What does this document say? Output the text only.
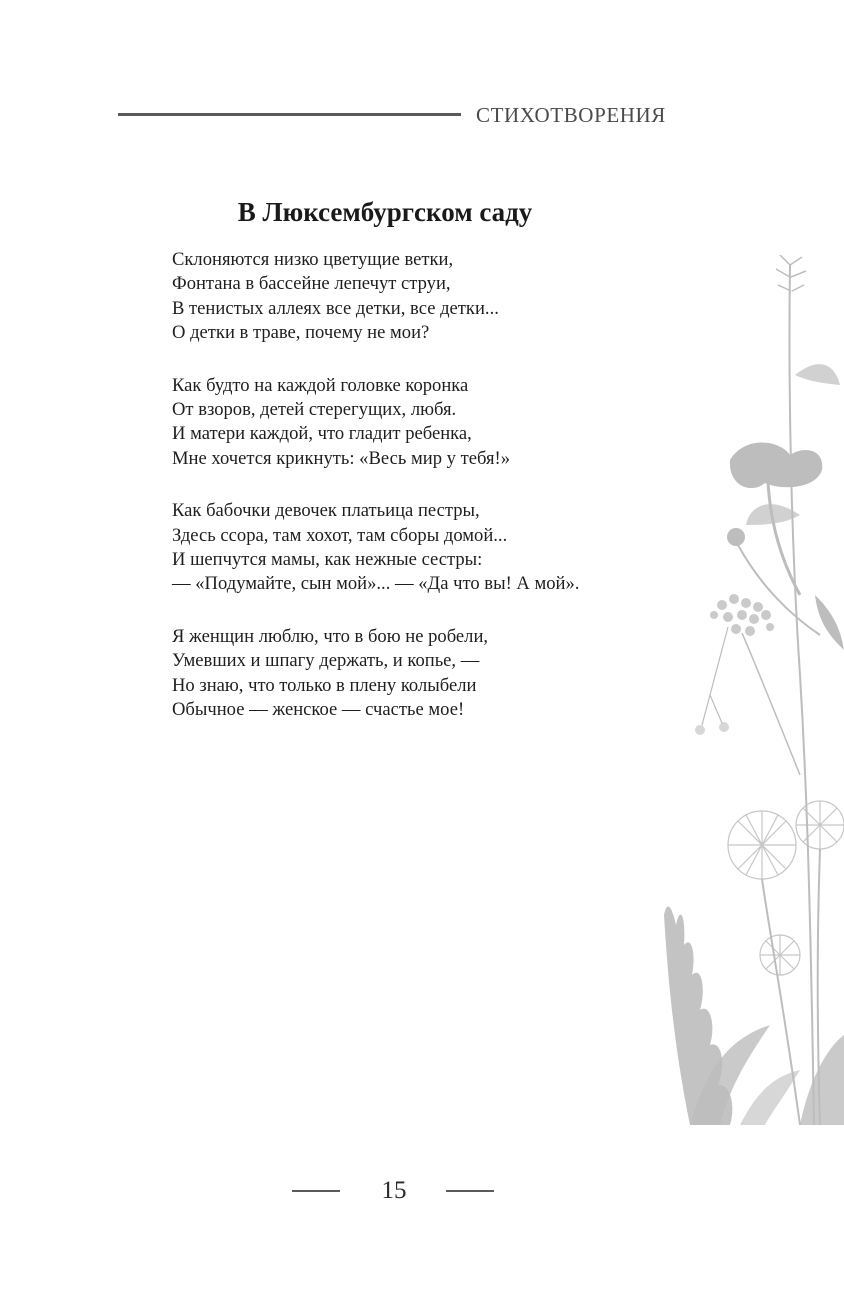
СТИХОТВОРЕНИЯ
В Люксембургском саду
Склоняются низко цветущие ветки,
Фонтана в бассейне лепечут струи,
В тенистых аллеях все детки, все детки...
О детки в траве, почему не мои?
Как будто на каждой головке коронка
От взоров, детей стерегущих, любя.
И матери каждой, что гладит ребенка,
Мне хочется крикнуть: «Весь мир у тебя!»
Как бабочки девочек платьица пестры,
Здесь ссора, там хохот, там сборы домой...
И шепчутся мамы, как нежные сестры:
— «Подумайте, сын мой»... — «Да что вы! А мой».
Я женщин люблю, что в бою не робели,
Умевших и шпагу держать, и копье, —
Но знаю, что только в плену колыбели
Обычное — женское — счастье мое!
15
